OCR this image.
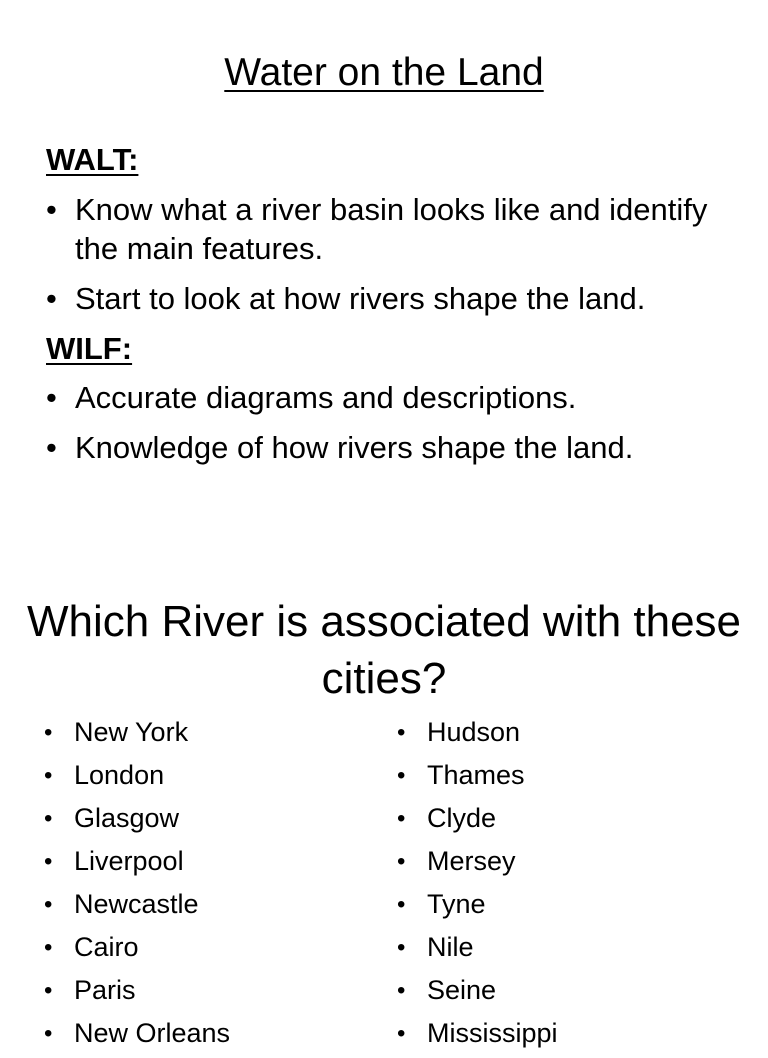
Water on the Land
WALT:
• Know what a river basin looks like and identify the main features.
• Start to look at how rivers shape the land.
WILF:
• Accurate diagrams and descriptions.
• Knowledge of how rivers shape the land.
Which River is associated with these cities?
• New York
• London
• Glasgow
• Liverpool
• Newcastle
• Cairo
• Paris
• New Orleans
• Hudson
• Thames
• Clyde
• Mersey
• Tyne
• Nile
• Seine
• Mississippi
